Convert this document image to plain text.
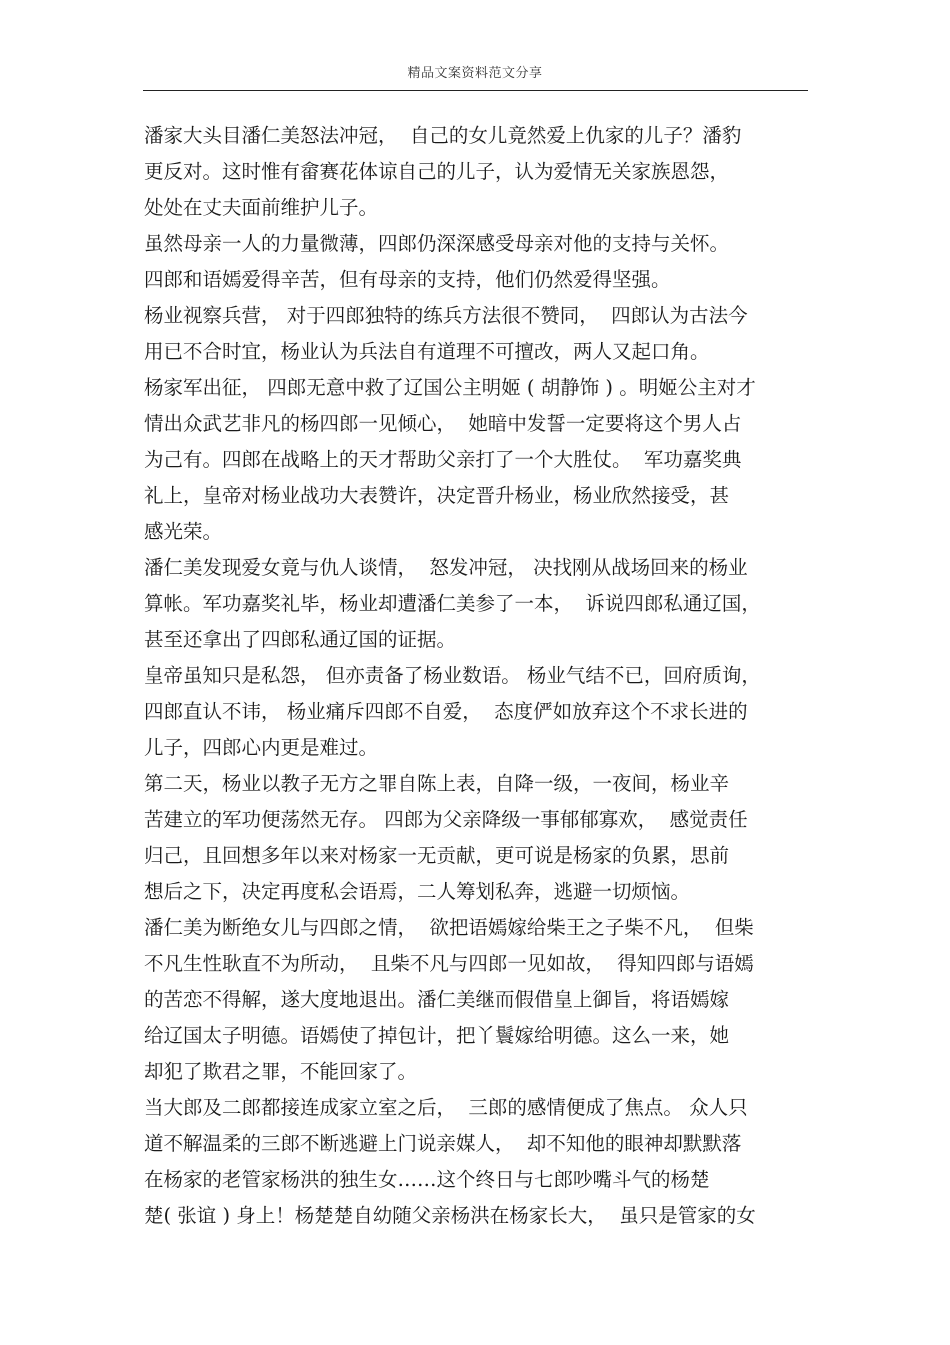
精品文案资料范文分享
潘家大头目潘仁美怒法冲冠，  自己的女儿竟然爱上仇家的儿子？潘豹
更反对。这时惟有畲赛花体谅自己的儿子，认为爱情无关家族恩怨，
处处在丈夫面前维护儿子。
虽然母亲一人的力量微薄，四郎仍深深感受母亲对他的支持与关怀。
四郎和语嫣爱得辛苦，但有母亲的支持，他们仍然爱得坚强。
杨业视察兵营， 对于四郎独特的练兵方法很不赞同，  四郎认为古法今
用已不合时宜，杨业认为兵法自有道理不可擅改，两人又起口角。
杨家军出征， 四郎无意中救了辽国公主明姬 ( 胡静饰 ) 。明姬公主对才
情出众武艺非凡的杨四郎一见倾心，  她暗中发誓一定要将这个男人占
为己有。四郎在战略上的天才帮助父亲打了一个大胜仗。  军功嘉奖典
礼上，皇帝对杨业战功大表赞许，决定晋升杨业，杨业欣然接受，甚
感光荣。
潘仁美发现爱女竟与仇人谈情，  怒发冲冠， 决找刚从战场回来的杨业
算帐。军功嘉奖礼毕，杨业却遭潘仁美参了一本，  诉说四郎私通辽国，
甚至还拿出了四郎私通辽国的证据。
皇帝虽知只是私怨， 但亦责备了杨业数语。 杨业气结不已，回府质询，
四郎直认不讳， 杨业痛斥四郎不自爱，  态度俨如放弃这个不求长进的
儿子，四郎心内更是难过。
第二天，杨业以教子无方之罪自陈上表，自降一级，一夜间，杨业辛
苦建立的军功便荡然无存。 四郎为父亲降级一事郁郁寡欢，  感觉责任
归己，且回想多年以来对杨家一无贡献，更可说是杨家的负累，思前
想后之下，决定再度私会语焉，二人筹划私奔，逃避一切烦恼。
潘仁美为断绝女儿与四郎之情，  欲把语嫣嫁给柴王之子柴不凡，  但柴
不凡生性耿直不为所动，  且柴不凡与四郎一见如故，  得知四郎与语嫣
的苦恋不得解，遂大度地退出。潘仁美继而假借皇上御旨，将语嫣嫁
给辽国太子明德。语嫣使了掉包计，把丫鬟嫁给明德。这么一来，她
却犯了欺君之罪，不能回家了。
当大郎及二郎都接连成家立室之后，  三郎的感情便成了焦点。 众人只
道不解温柔的三郎不断逃避上门说亲媒人，  却不知他的眼神却默默落
在杨家的老管家杨洪的独生女……这个终日与七郎吵嘴斗气的杨楚
楚( 张谊 ) 身上！杨楚楚自幼随父亲杨洪在杨家长大，  虽只是管家的女
